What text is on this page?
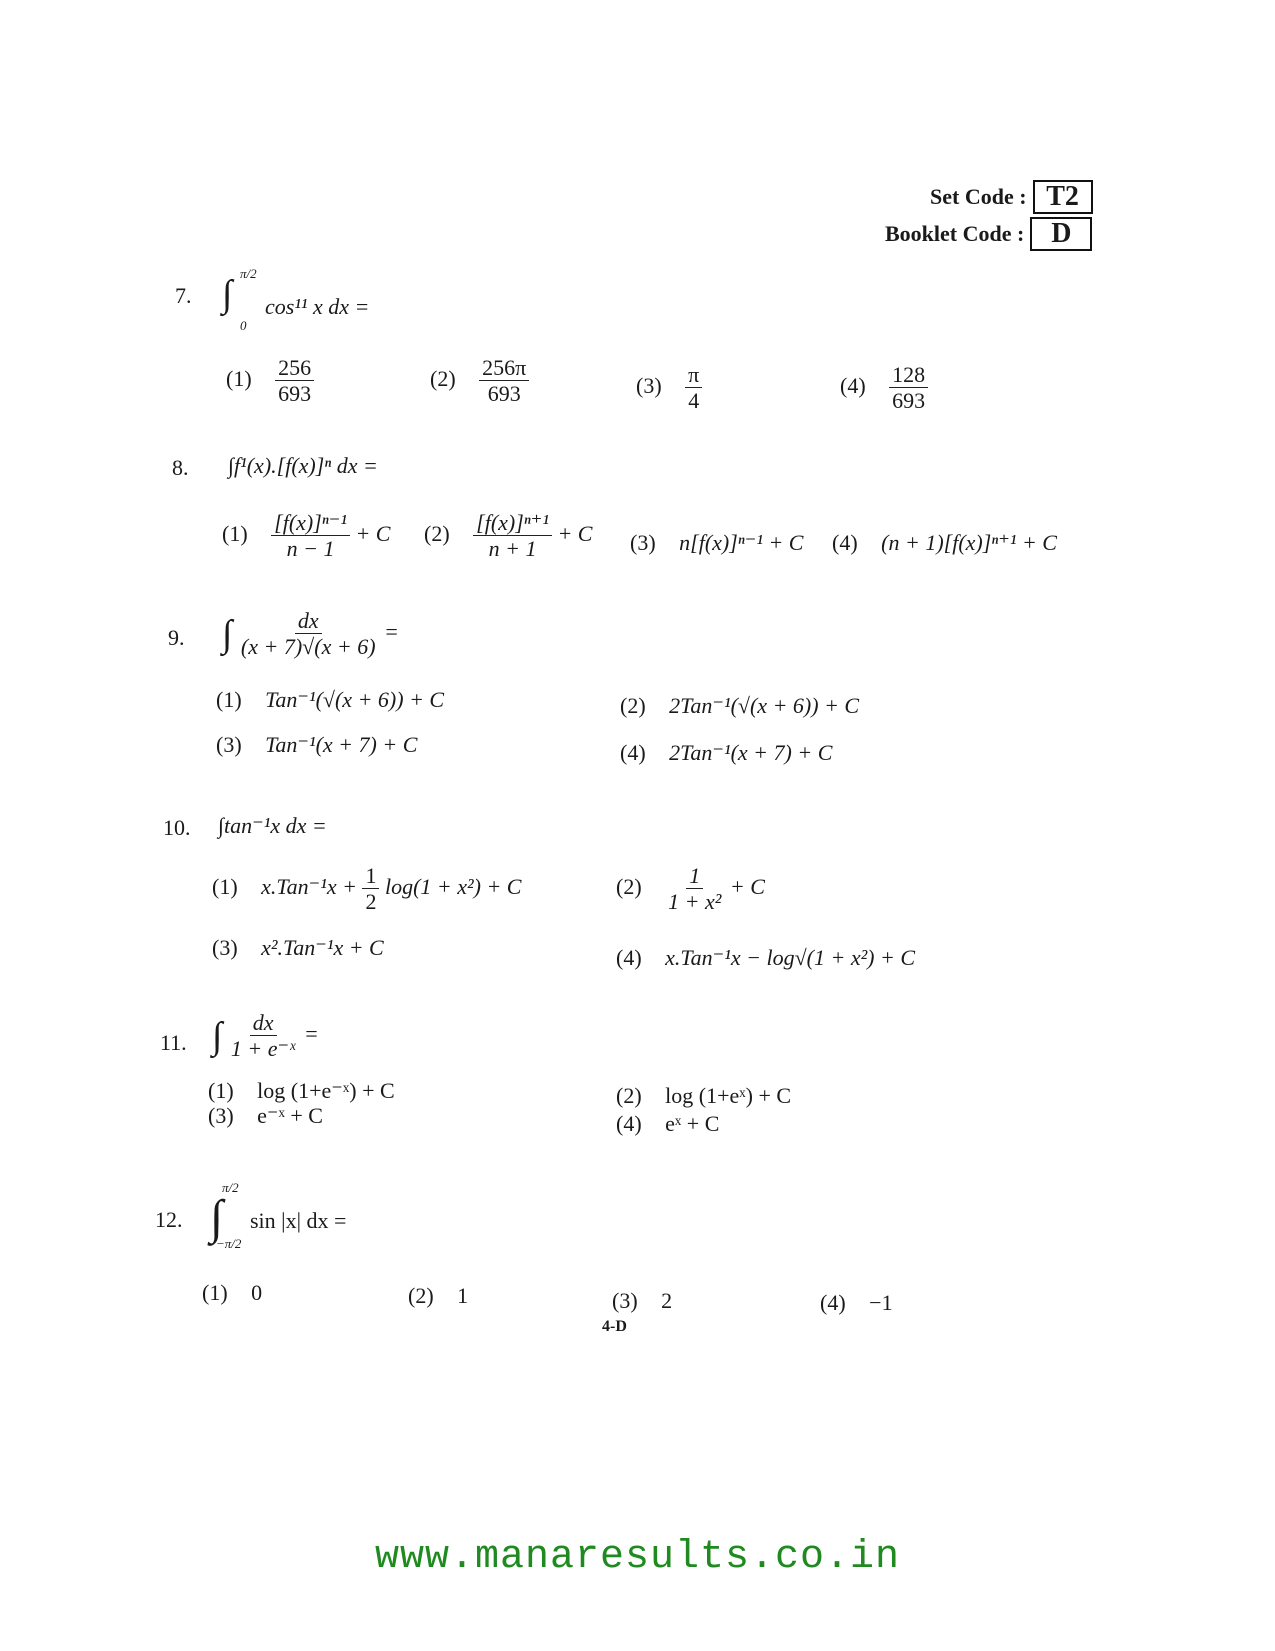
Set Code : T2
Booklet Code : D
7. ∫ π/2
0
cos¹¹ x dx =
$(1) \frac{256}{693}$	$(2) \frac{256\pi}{693}$	$(3) \frac{\pi}{4}$	$(4) \frac{128}{693}$
8. ∫f¹(x).[f(x)]ⁿ dx =
$(1) \frac{\text{[f(x)]ⁿ⁻¹}}{n - 1} + C$ $(2) \frac{\text{[f(x)]ⁿ⁺¹}}{n + 1} + C$ (3) n[f(x)]ⁿ⁻¹ + C (4) (n + 1)[f(x)]ⁿ⁺¹ + C
9. ∫ $\frac{dx}{(x + 7)√(x + 6)}$ =
(1) Tan⁻¹(√(x + 6)) + C	(2) 2Tan⁻¹(√(x + 6)) + C
(3) Tan⁻¹(x + 7) + C	(4) 2Tan⁻¹(x + 7) + C
10. ∫tan⁻¹x dx =
(1) $x.Tan^{-1}x + \frac{1}{2} \log(1 + x^2) + C$	$(2) \frac{1}{\text{1 + x²}} + C$
(3) x².Tan⁻¹x + C	(4) x.Tan⁻¹x − log√(1 + x²) + C
11. ∫ $\frac{dx}{\text{1 + e⁻ˣ}}$ =
(1) log (1+e⁻ˣ) + C	(2) log (1+eˣ) + C
(3) e⁻ˣ + C	(4) eˣ + C
12. ∫
π/2
−π/2
sin |x| dx =
(1) 0	(2) 1	(3) 2	(4) −1
4-D
www.manaresults.co.in
